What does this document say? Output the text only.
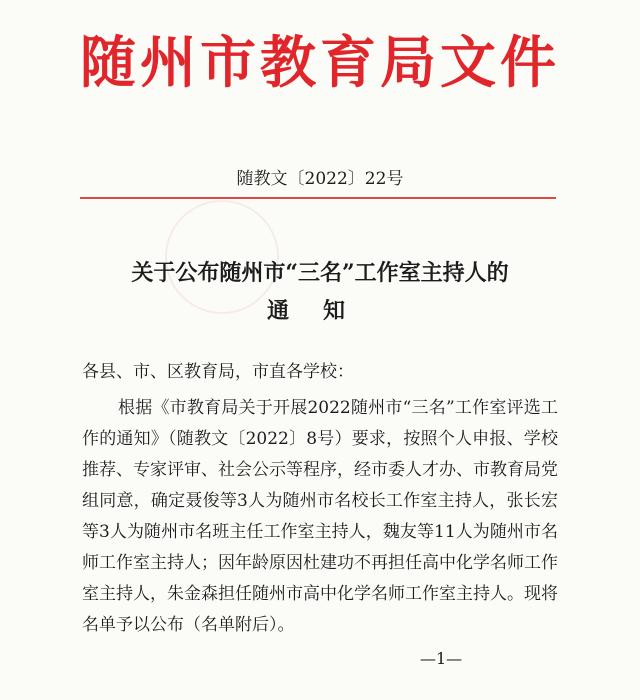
随州市教育局文件
随教文〔2022〕22号
关于公布随州市“三名”工作室主持人的
通知
各县、市、区教育局，市直各学校：
根据《市教育局关于开展2022随州市“三名”工作室评选工作的通知》（随教文〔2022〕8号）要求，按照个人申报、学校推荐、专家评审、社会公示等程序，经市委人才办、市教育局党组同意，确定聂俊等3人为随州市名校长工作室主持人，张长宏等3人为随州市名班主任工作室主持人，魏友等11人为随州市名师工作室主持人；因年龄原因杜建功不再担任高中化学名师工作室主持人，朱金森担任随州市高中化学名师工作室主持人。现将名单予以公布（名单附后）。
—1—
